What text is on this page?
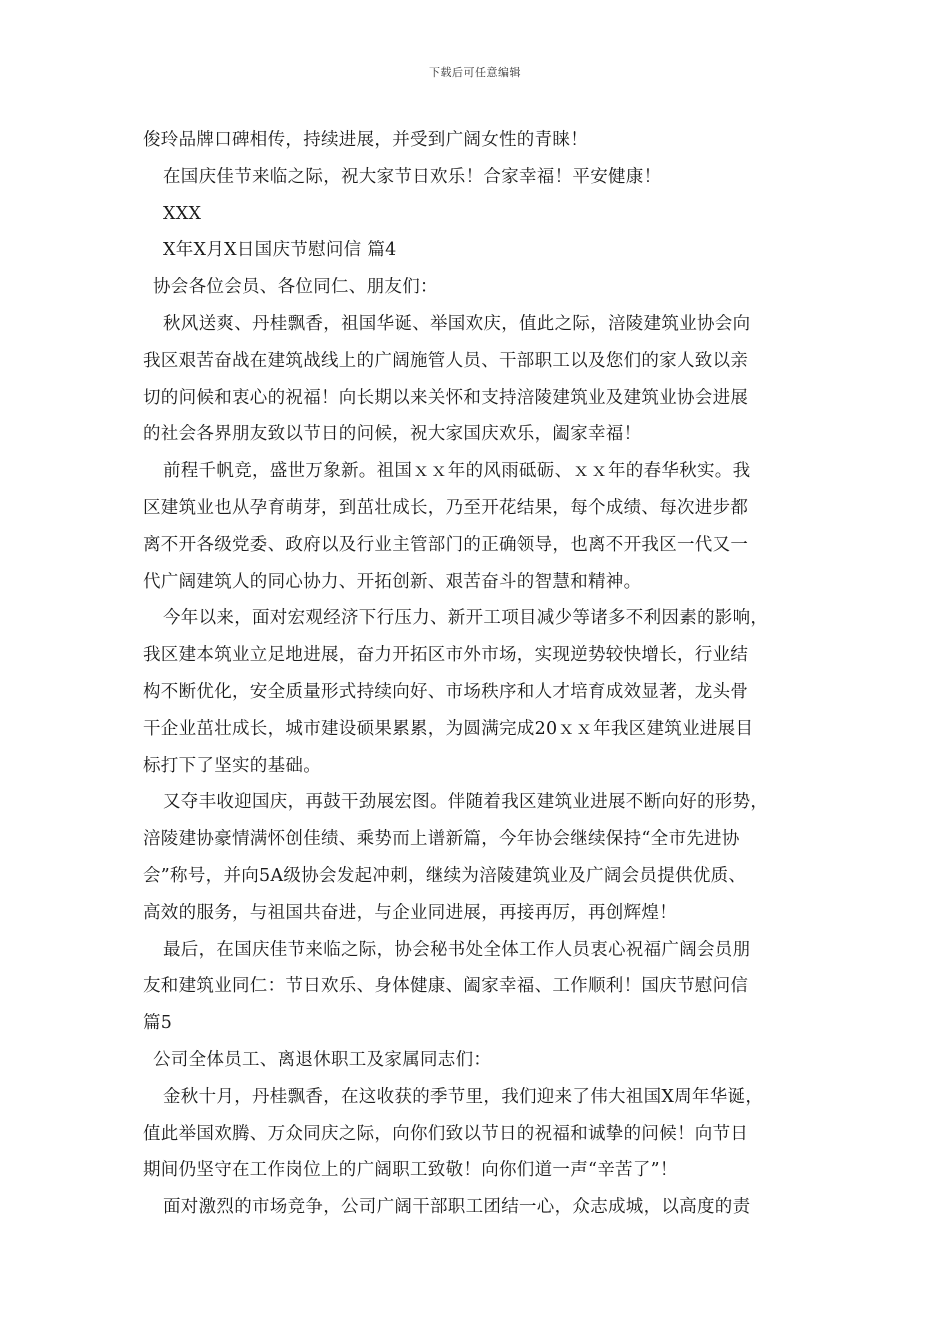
下载后可任意编辑
俊玲品牌口碑相传，持续进展，并受到广阔女性的青睐！
在国庆佳节来临之际，祝大家节日欢乐！合家幸福！平安健康！
XXX
X年X月X日国庆节慰问信 篇4
协会各位会员、各位同仁、朋友们：
秋风送爽、丹桂飘香，祖国华诞、举国欢庆，值此之际，涪陵建筑业协会向
我区艰苦奋战在建筑战线上的广阔施管人员、干部职工以及您们的家人致以亲
切的问候和衷心的祝福！向长期以来关怀和支持涪陵建筑业及建筑业协会进展
的社会各界朋友致以节日的问候，祝大家国庆欢乐，阖家幸福！
前程千帆竞，盛世万象新。祖国ｘｘ年的风雨砥砺、ｘｘ年的春华秋实。我
区建筑业也从孕育萌芽，到茁壮成长，乃至开花结果，每个成绩、每次进步都
离不开各级党委、政府以及行业主管部门的正确领导，也离不开我区一代又一
代广阔建筑人的同心协力、开拓创新、艰苦奋斗的智慧和精神。
今年以来，面对宏观经济下行压力、新开工项目减少等诸多不利因素的影响，
我区建本筑业立足地进展，奋力开拓区市外市场，实现逆势较快增长，行业结
构不断优化，安全质量形式持续向好、市场秩序和人才培育成效显著，龙头骨
干企业茁壮成长，城市建设硕果累累，为圆满完成20ｘｘ年我区建筑业进展目
标打下了坚实的基础。
又夺丰收迎国庆，再鼓干劲展宏图。伴随着我区建筑业进展不断向好的形势，
涪陵建协豪情满怀创佳绩、乘势而上谱新篇，今年协会继续保持“全市先进协
会”称号，并向5A级协会发起冲刺，继续为涪陵建筑业及广阔会员提供优质、
高效的服务，与祖国共奋进，与企业同进展，再接再厉，再创辉煌！
最后，在国庆佳节来临之际，协会秘书处全体工作人员衷心祝福广阔会员朋
友和建筑业同仁：节日欢乐、身体健康、阖家幸福、工作顺利！国庆节慰问信
篇5
公司全体员工、离退休职工及家属同志们：
金秋十月，丹桂飘香，在这收获的季节里，我们迎来了伟大祖国X周年华诞，
值此举国欢腾、万众同庆之际，向你们致以节日的祝福和诚挚的问候！向节日
期间仍坚守在工作岗位上的广阔职工致敬！向你们道一声“辛苦了”！
面对激烈的市场竞争，公司广阔干部职工团结一心，众志成城，以高度的责
